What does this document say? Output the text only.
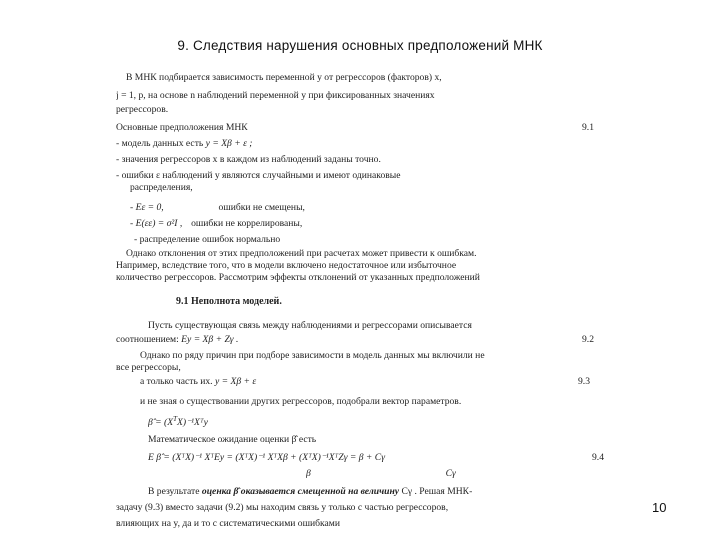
9. Следствия нарушения основных предположений МНК
В МНК подбирается зависимость переменной y от регрессоров (факторов) x,
j = 1, p, на основе n наблюдений переменной y при фиксированных значениях
регрессоров.
Основные предположения МНК	9.1
- модель данных есть y = Xβ + ε ;
- значения регрессоров x в каждом из наблюдений заданы точно.
- ошибки ε наблюдений y являются случайными и имеют одинаковые
распределения,
- Eε = 0,	ошибки не смещены,
- E(εε) = σ²I , ошибки не коррелированы,
- распределение ошибок нормально
Однако отклонения от этих предположений при расчетах может привести к ошибкам.
Например, вследствие того, что в модели включено недостаточное или избыточное
количество регрессоров. Рассмотрим эффекты отклонений от указанных предположений
9.1 Неполнота моделей.
Пусть существующая связь между наблюдениями и регрессорами описывается
соотношением: Ey = Xβ + Zγ .	9.2
Однако по ряду причин при подборе зависимости в модель данных мы включили не
все регрессоры,
а только часть их. y = Xβ + ε	9.3
и не зная о существовании других регрессоров, подобрали вектор параметров.
β̂ = $(X^TX)^{-1}Xᵀy$
Математическое ожидание оценки β̂ есть
E β̂ = (XᵀX)⁻¹ XᵀEy = (XᵀX)⁻¹ XᵀXβ + (XᵀX)⁻¹XᵀZγ = β + Cγ	9.4
β	Cγ
В результате оценка β̂ оказывается смещенной на величину Cγ . Решая МНК-
задачу (9.3) вместо задачи (9.2) мы находим связь y только с частью регрессоров,
влияющих на y, да и то с систематическими ошибками
10
